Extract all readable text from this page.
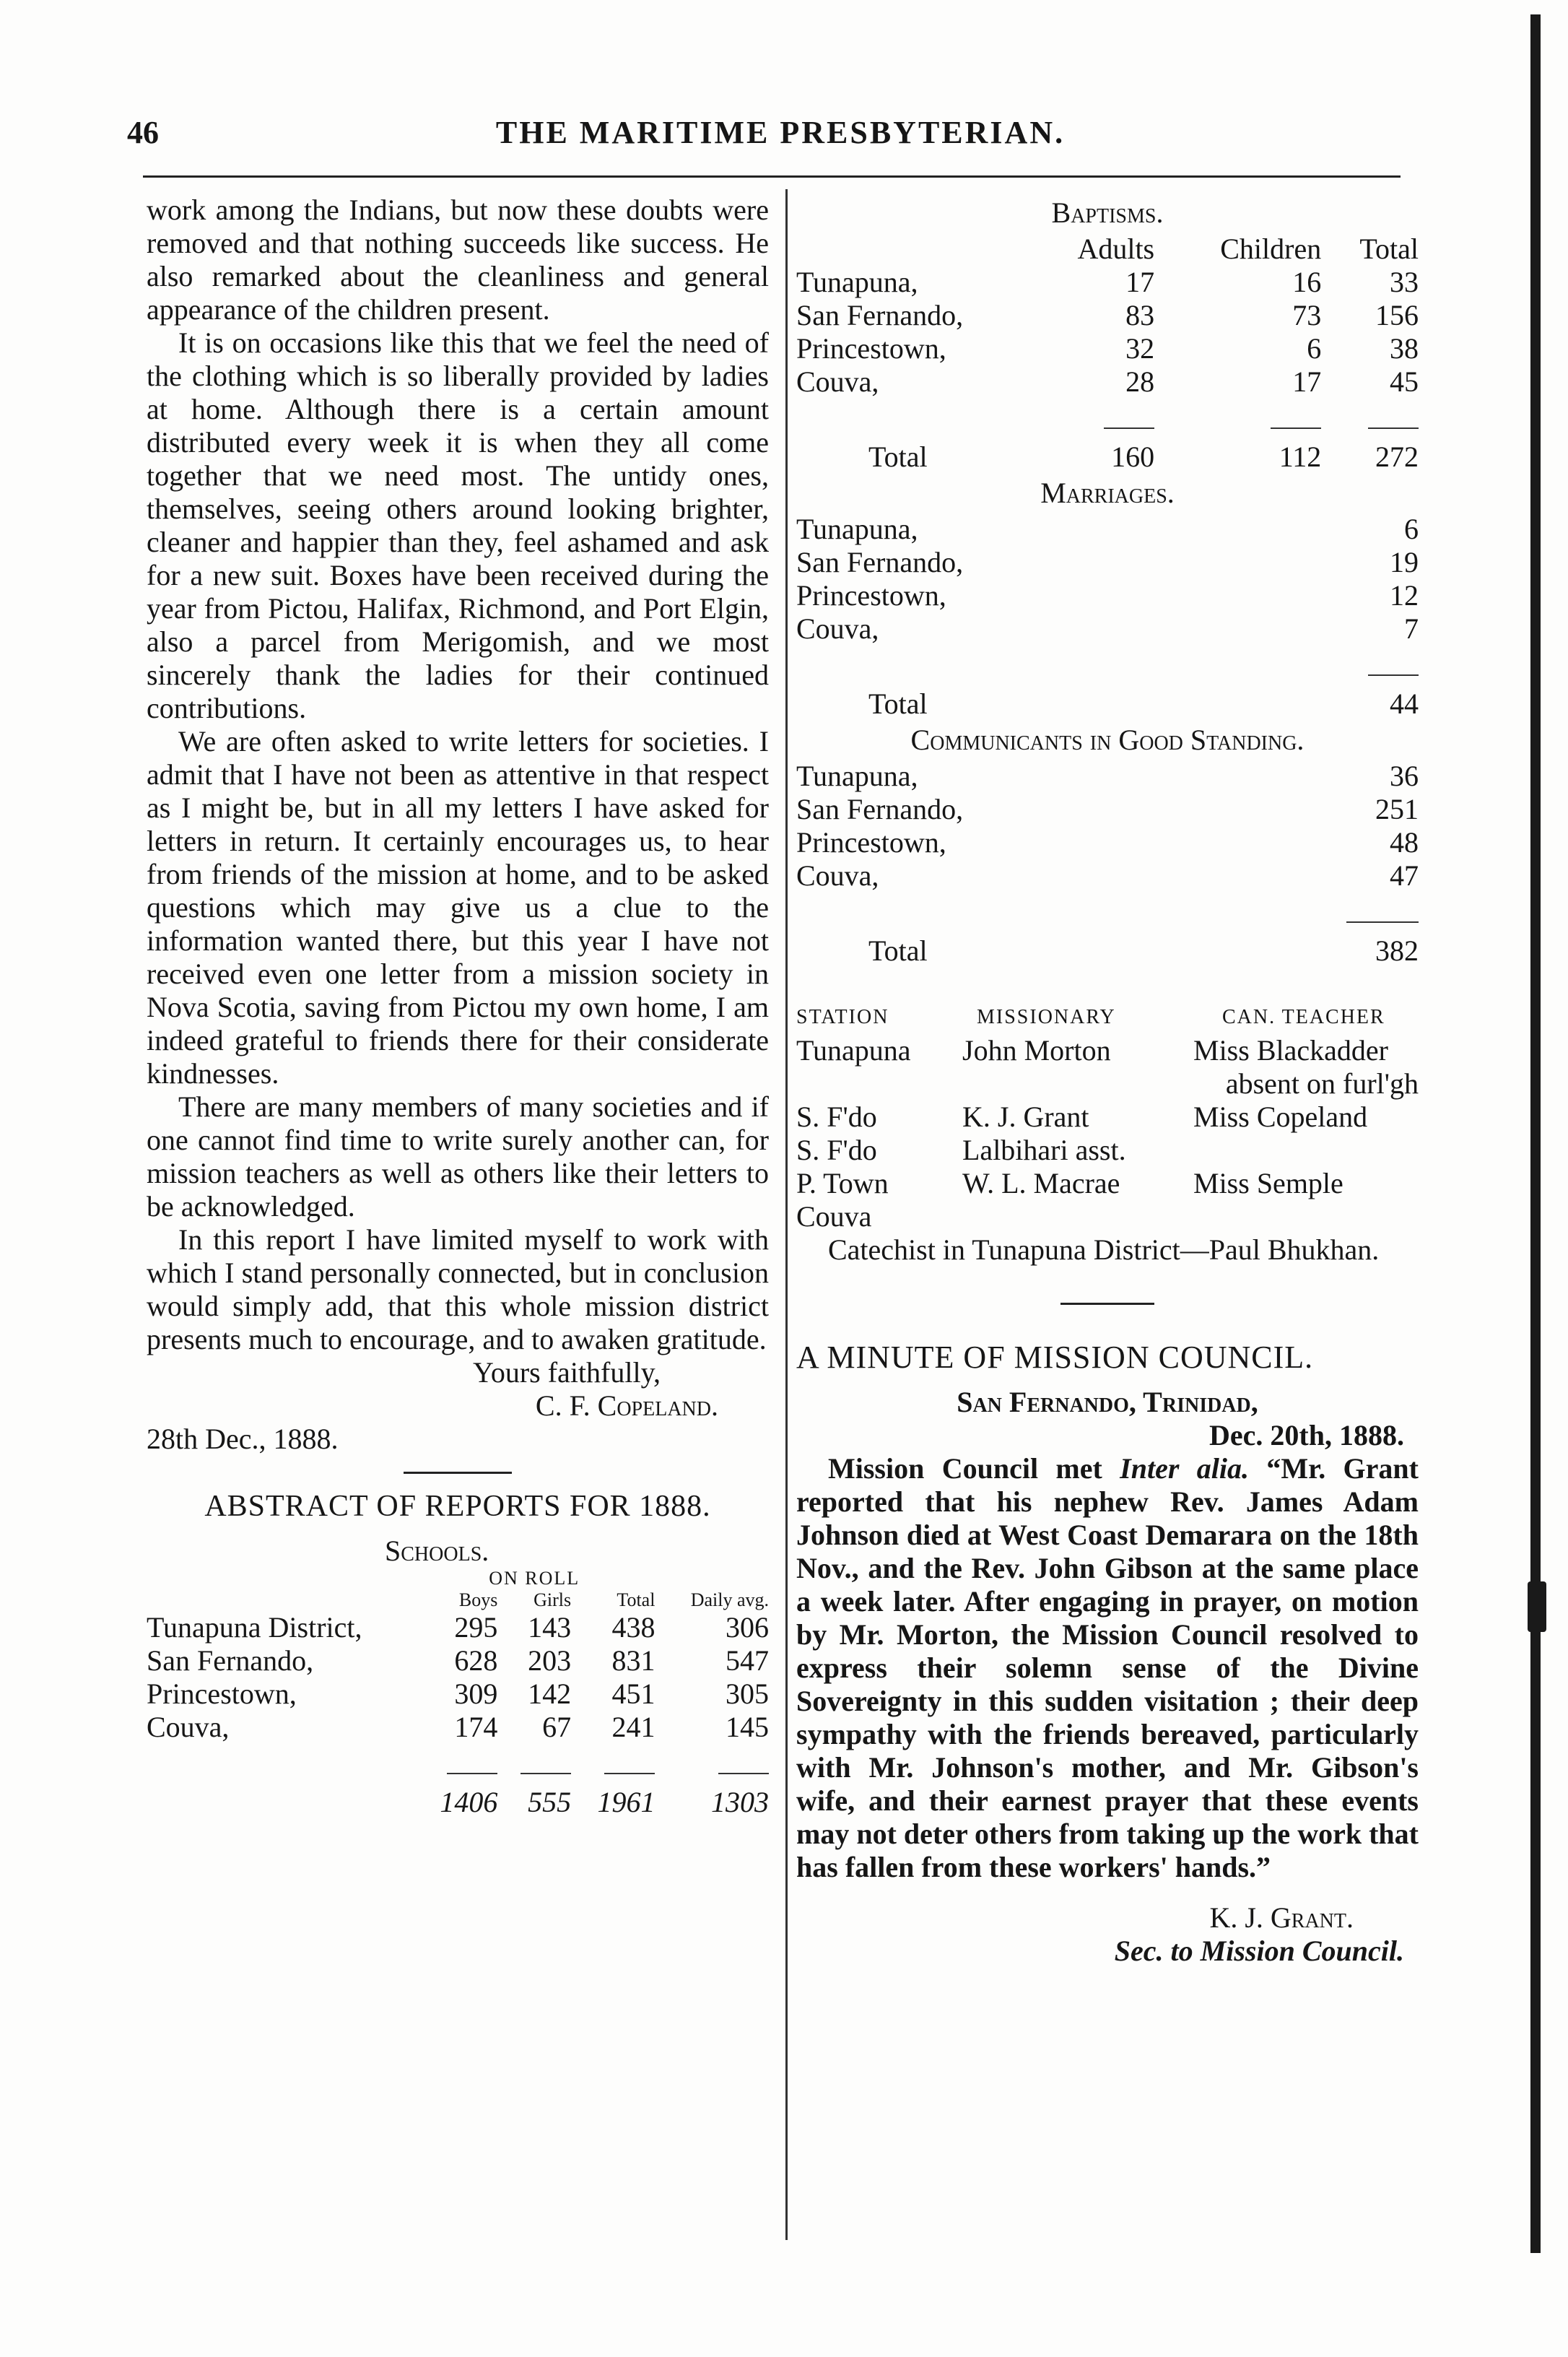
46	THE MARITIME PRESBYTERIAN.

work among the Indians, but now these doubts were removed and that nothing succeeds like success. He also remarked about the cleanliness and general appearance of the children present.

It is on occasions like this that we feel the need of the clothing which is so liberally provided by ladies at home. Although there is a certain amount distributed every week it is when they all come together that we need most. The untidy ones, themselves, seeing others around looking brighter, cleaner and happier than they, feel ashamed and ask for a new suit. Boxes have been received during the year from Pictou, Halifax, Richmond, and Port Elgin, also a parcel from Merigomish, and we most sincerely thank the ladies for their continued contributions.

We are often asked to write letters for societies. I admit that I have not been as attentive in that respect as I might be, but in all my letters I have asked for letters in return. It certainly encourages us, to hear from friends of the mission at home, and to be asked questions which may give us a clue to the information wanted there, but this year I have not received even one letter from a mission society in Nova Scotia, saving from Pictou my own home, I am indeed grateful to friends there for their considerate kindnesses.

There are many members of many societies and if one cannot find time to write surely another can, for mission teachers as well as others like their letters to be acknowledged.

In this report I have limited myself to work with which I stand personally connected, but in conclusion would simply add, that this whole mission district presents much to encourage, and to awaken gratitude.

Yours faithfully,
C. F. Copeland.
28th Dec., 1888.
ABSTRACT OF REPORTS FOR 1888.
Schools.
	ON ROLL			
	Boys	Girls	Total	Daily avg.
Tunapuna District,	295	143	438	306
San Fernando,	628	203	831	547
Princestown,	309	142	451	305
Couva,	174	67	241	145

	1406	555	1961	1303
Baptisms.
	Adults	Children	Total
Tunapuna,	17	16	33
San Fernando,	83	73	156
Princestown,	32	6	38
Couva,	28	17	45

Total	160	112	272
Marriages.
Tunapuna,	6
San Fernando,	19
Princestown,	12
Couva,	7

Total	44
Communicants in Good Standing.
Tunapuna,	36
San Fernando,	251
Princestown,	48
Couva,	47

Total	382
STATION	MISSIONARY	CAN. TEACHER
Tunapuna	John Morton	Miss Blackadder
		absent on furl'gh
S. F'do	K. J. Grant	Miss Copeland
S. F'do	Lalbihari asst.	
P. Town	W. L. Macrae	Miss Semple
Couva		

Catechist in Tunapuna District—Paul Bhukhan.

A MINUTE OF MISSION COUNCIL.
San Fernando, Trinidad,
Dec. 20th, 1888.

Mission Council met Inter alia. “Mr. Grant reported that his nephew Rev. James Adam Johnson died at West Coast Demarara on the 18th Nov., and the Rev. John Gibson at the same place a week later. After engaging in prayer, on motion by Mr. Morton, the Mission Council resolved to express their solemn sense of the Divine Sovereignty in this sudden visitation ; their deep sympathy with the friends bereaved, particularly with Mr. Johnson's mother, and Mr. Gibson's wife, and their earnest prayer that these events may not deter others from taking up the work that has fallen from these workers' hands.”

K. J. Grant.
Sec. to Mission Council.
